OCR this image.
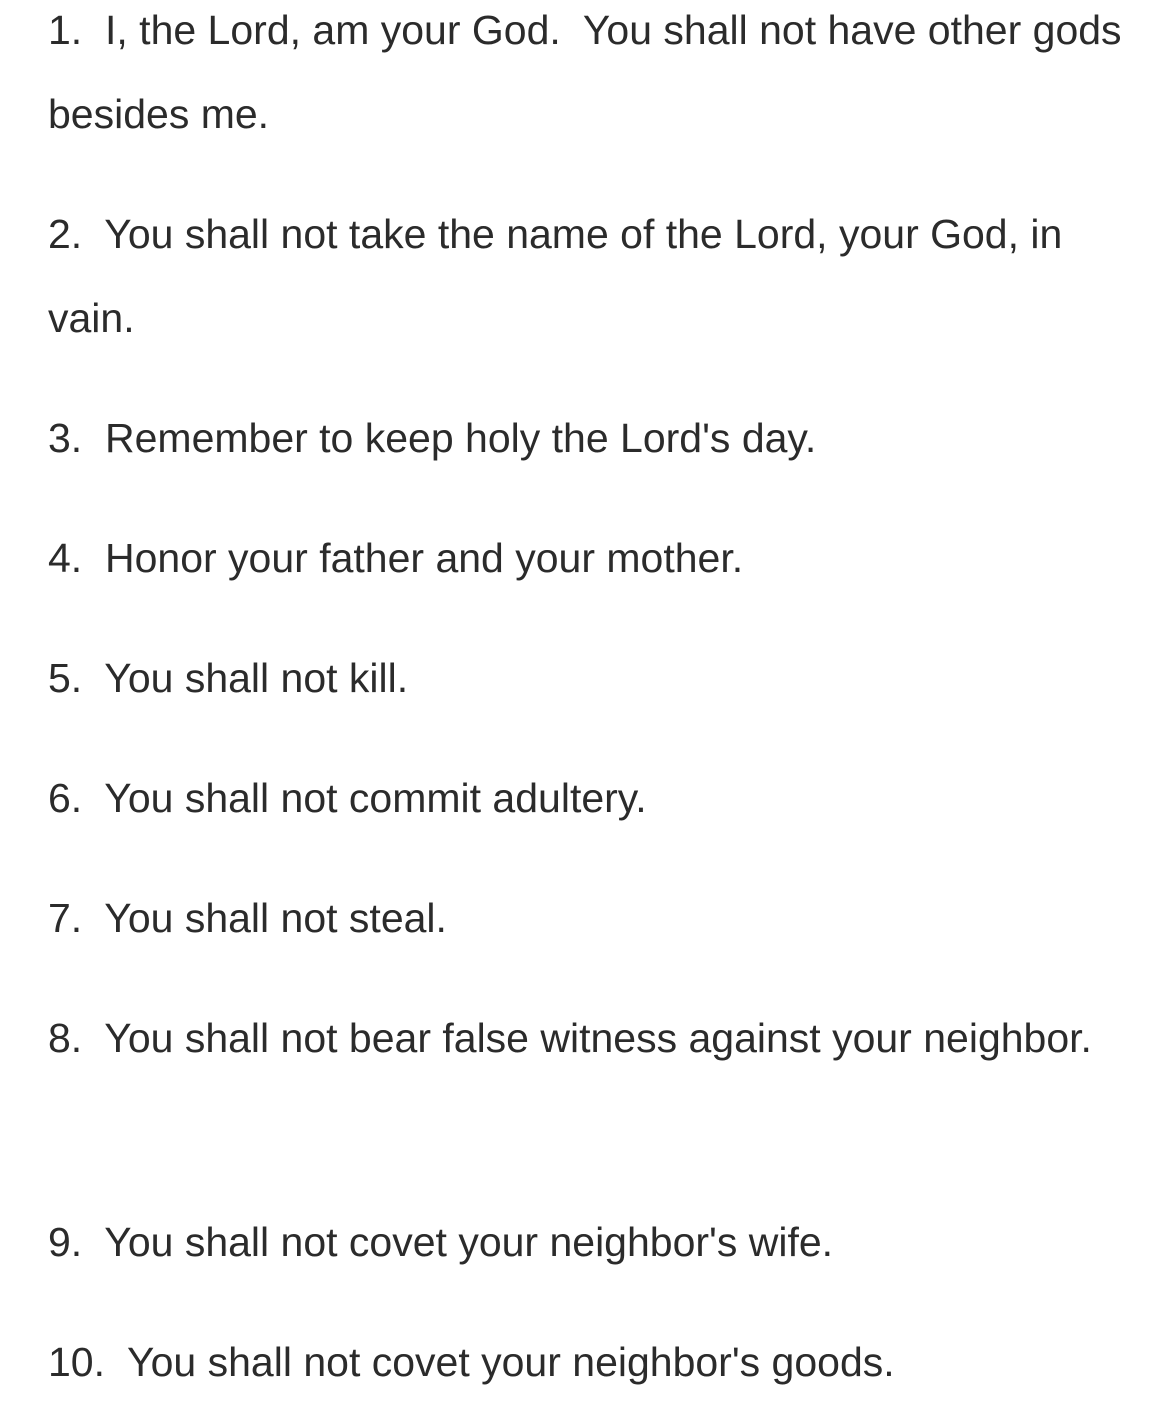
1. I, the Lord, am your God.  You shall not have other gods besides me.
2. You shall not take the name of the Lord, your God, in vain.
3. Remember to keep holy the Lord's day.
4. Honor your father and your mother.
5. You shall not kill.
6. You shall not commit adultery.
7. You shall not steal.
8. You shall not bear false witness against your neighbor.
9. You shall not covet your neighbor's wife.
10. You shall not covet your neighbor's goods.
